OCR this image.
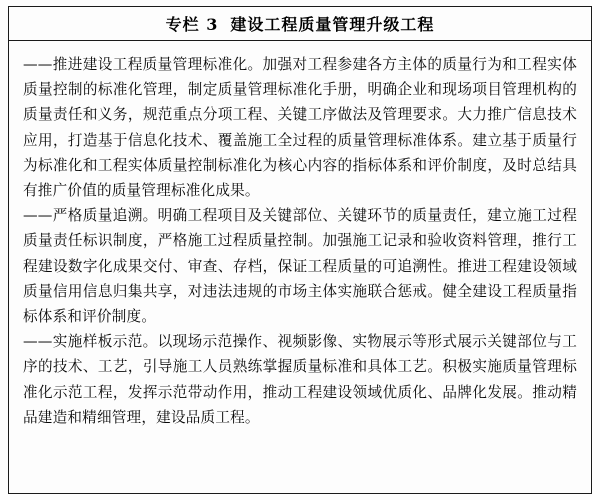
专栏 3 建设工程质量管理升级工程

——推进建设工程质量管理标准化。加强对工程参建各方主体的质量行为和工程实体质量控制的标准化管理，制定质量管理标准化手册，明确企业和现场项目管理机构的质量责任和义务，规范重点分项工程、关键工序做法及管理要求。大力推广信息技术应用，打造基于信息化技术、覆盖施工全过程的质量管理标准体系。建立基于质量行为标准化和工程实体质量控制标准化为核心内容的指标体系和评价制度，及时总结具有推广价值的质量管理标准化成果。

——严格质量追溯。明确工程项目及关键部位、关键环节的质量责任，建立施工过程质量责任标识制度，严格施工过程质量控制。加强施工记录和验收资料管理，推行工程建设数字化成果交付、审查、存档，保证工程质量的可追溯性。推进工程建设领域质量信用信息归集共享，对违法违规的市场主体实施联合惩戒。健全建设工程质量指标体系和评价制度。

——实施样板示范。以现场示范操作、视频影像、实物展示等形式展示关键部位与工序的技术、工艺，引导施工人员熟练掌握质量标准和具体工艺。积极实施质量管理标准化示范工程，发挥示范带动作用，推动工程建设领域优质化、品牌化发展。推动精品建造和精细管理，建设品质工程。
